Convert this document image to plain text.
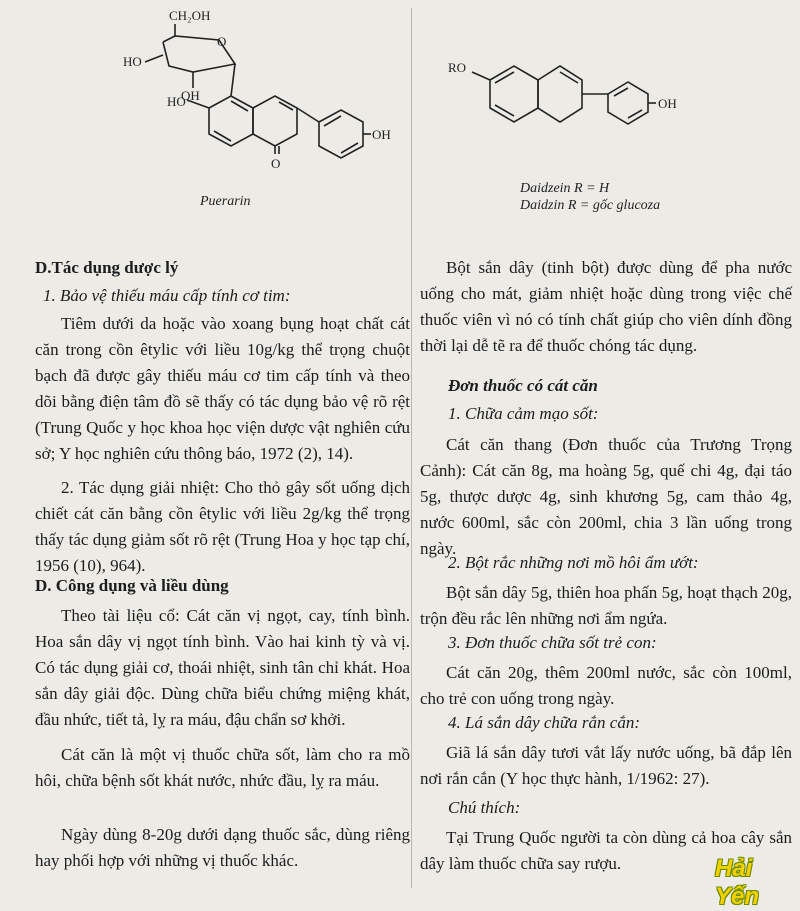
CH₂OH
HO
OH
O
HO
OH
O
Puerarin

D.Tác dụng dược lý

1. Bảo vệ thiếu máu cấp tính cơ tim:

Tiêm dưới da hoặc vào xoang bụng hoạt chất cát căn trong cồn êtylic với liều 10g/kg thể trọng chuột bạch đã được gây thiếu máu cơ tim cấp tính và theo dõi bằng điện tâm đồ sẽ thấy có tác dụng bảo vệ rõ rệt (Trung Quốc y học khoa học viện dược vật nghiên cứu sở; Y học nghiên cứu thông báo, 1972 (2), 14).

2. Tác dụng giải nhiệt: Cho thỏ gây sốt uống dịch chiết cát căn bằng cồn êtylic với liều 2g/kg thể trọng thấy tác dụng giảm sốt rõ rệt (Trung Hoa y học tạp chí, 1956 (10), 964).

D. Công dụng và liều dùng

Theo tài liệu cổ: Cát căn vị ngọt, cay, tính bình. Hoa sắn dây vị ngọt tính bình. Vào hai kinh tỳ và vị. Có tác dụng giải cơ, thoái nhiệt, sinh tân chỉ khát. Hoa sắn dây giải độc. Dùng chữa biểu chứng miệng khát, đầu nhức, tiết tả, lỵ ra máu, đậu chẩn sơ khởi.

Cát căn là một vị thuốc chữa sốt, làm cho ra mồ hôi, chữa bệnh sốt khát nước, nhức đầu, lỵ ra máu.

Ngày dùng 8-20g dưới dạng thuốc sắc, dùng riêng hay phối hợp với những vị thuốc khác.

RO
OH
Daidzein R = H
Daidzin R = gốc glucoza

Bột sắn dây (tinh bột) được dùng để pha nước uống cho mát, giảm nhiệt hoặc dùng trong việc chế thuốc viên vì nó có tính chất giúp cho viên dính đồng thời lại dễ tẽ ra để thuốc chóng tác dụng.

Đơn thuốc có cát căn

1. Chữa cảm mạo sốt:

Cát căn thang (Đơn thuốc của Trương Trọng Cảnh): Cát căn 8g, ma hoàng 5g, quế chi 4g, đại táo 5g, thược dược 4g, sinh khương 5g, cam thảo 4g, nước 600ml, sắc còn 200ml, chia 3 lần uống trong ngày.

2. Bột rắc những nơi mồ hôi ẩm ướt:

Bột sắn dây 5g, thiên hoa phấn 5g, hoạt thạch 20g, trộn đều rắc lên những nơi ẩm ngứa.

3. Đơn thuốc chữa sốt trẻ con:

Cát căn 20g, thêm 200ml nước, sắc còn 100ml, cho trẻ con uống trong ngày.

4. Lá sắn dây chữa rắn cắn:

Giã lá sắn dây tươi vắt lấy nước uống, bã đắp lên nơi rắn cắn (Y học thực hành, 1/1962: 27).

Chú thích:

Tại Trung Quốc người ta còn dùng cả hoa cây sắn dây làm thuốc chữa say rượu.	Hải Yến
